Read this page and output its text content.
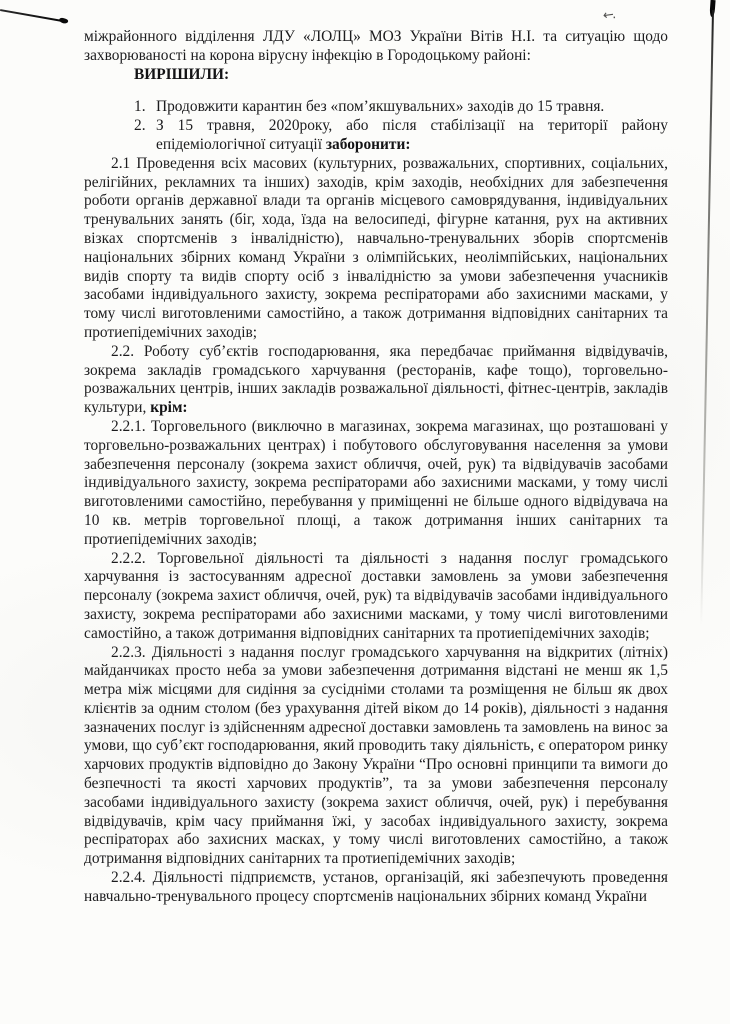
←.

міжрайонного відділення ЛДУ «ЛОЛЦ» МОЗ України Вітів Н.І. та ситуацію щодо захворюваності на корона вірусну інфекцію в Городоцькому районі:

ВИРІШИЛИ:

1. Продовжити карантин без «пом’якшувальних» заходів до 15 травня.
2. З 15 травня, 2020року, або після стабілізації на території району епідеміологічної ситуації заборонити:

2.1 Проведення всіх масових (культурних, розважальних, спортивних, соціальних, релігійних, рекламних та інших) заходів, крім заходів, необхідних для забезпечення роботи органів державної влади та органів місцевого самоврядування, індивідуальних тренувальних занять (біг, хода, їзда на велосипеді, фігурне катання, рух на активних візках спортсменів з інвалідністю), навчально-тренувальних зборів спортсменів національних збірних команд України з олімпійських, неолімпійських, національних видів спорту та видів спорту осіб з інвалідністю за умови забезпечення учасників засобами індивідуального захисту, зокрема респіраторами або захисними масками, у тому числі виготовленими самостійно, а також дотримання відповідних санітарних та протиепідемічних заходів;

2.2. Роботу суб’єктів господарювання, яка передбачає приймання відвідувачів, зокрема закладів громадського харчування (ресторанів, кафе тощо), торговельно-розважальних центрів, інших закладів розважальної діяльності, фітнес-центрів, закладів культури, крім:

2.2.1. Торговельного (виключно в магазинах, зокрема магазинах, що розташовані у торговельно-розважальних центрах) і побутового обслуговування населення за умови забезпечення персоналу (зокрема захист обличчя, очей, рук) та відвідувачів засобами індивідуального захисту, зокрема респіраторами або захисними масками, у тому числі виготовленими самостійно, перебування у приміщенні не більше одного відвідувача на 10 кв. метрів торговельної площі, а також дотримання інших санітарних та протиепідемічних заходів;

2.2.2. Торговельної діяльності та діяльності з надання послуг громадського харчування із застосуванням адресної доставки замовлень за умови забезпечення персоналу (зокрема захист обличчя, очей, рук) та відвідувачів засобами індивідуального захисту, зокрема респіраторами або захисними масками, у тому числі виготовленими самостійно, а також дотримання відповідних санітарних та протиепідемічних заходів;

2.2.3. Діяльності з надання послуг громадського харчування на відкритих (літніх) майданчиках просто неба за умови забезпечення дотримання відстані не менш як 1,5 метра між місцями для сидіння за сусідніми столами та розміщення не більш як двох клієнтів за одним столом (без урахування дітей віком до 14 років), діяльності з надання зазначених послуг із здійсненням адресної доставки замовлень та замовлень на винос за умови, що суб’єкт господарювання, який проводить таку діяльність, є оператором ринку харчових продуктів відповідно до Закону України “Про основні принципи та вимоги до безпечності та якості харчових продуктів”, та за умови забезпечення персоналу засобами індивідуального захисту (зокрема захист обличчя, очей, рук) і перебування відвідувачів, крім часу приймання їжі, у засобах індивідуального захисту, зокрема респіраторах або захисних масках, у тому числі виготовлених самостійно, а також дотримання відповідних санітарних та протиепідемічних заходів;

2.2.4. Діяльності підприємств, установ, організацій, які забезпечують проведення навчально-тренувального процесу спортсменів національних збірних команд України
